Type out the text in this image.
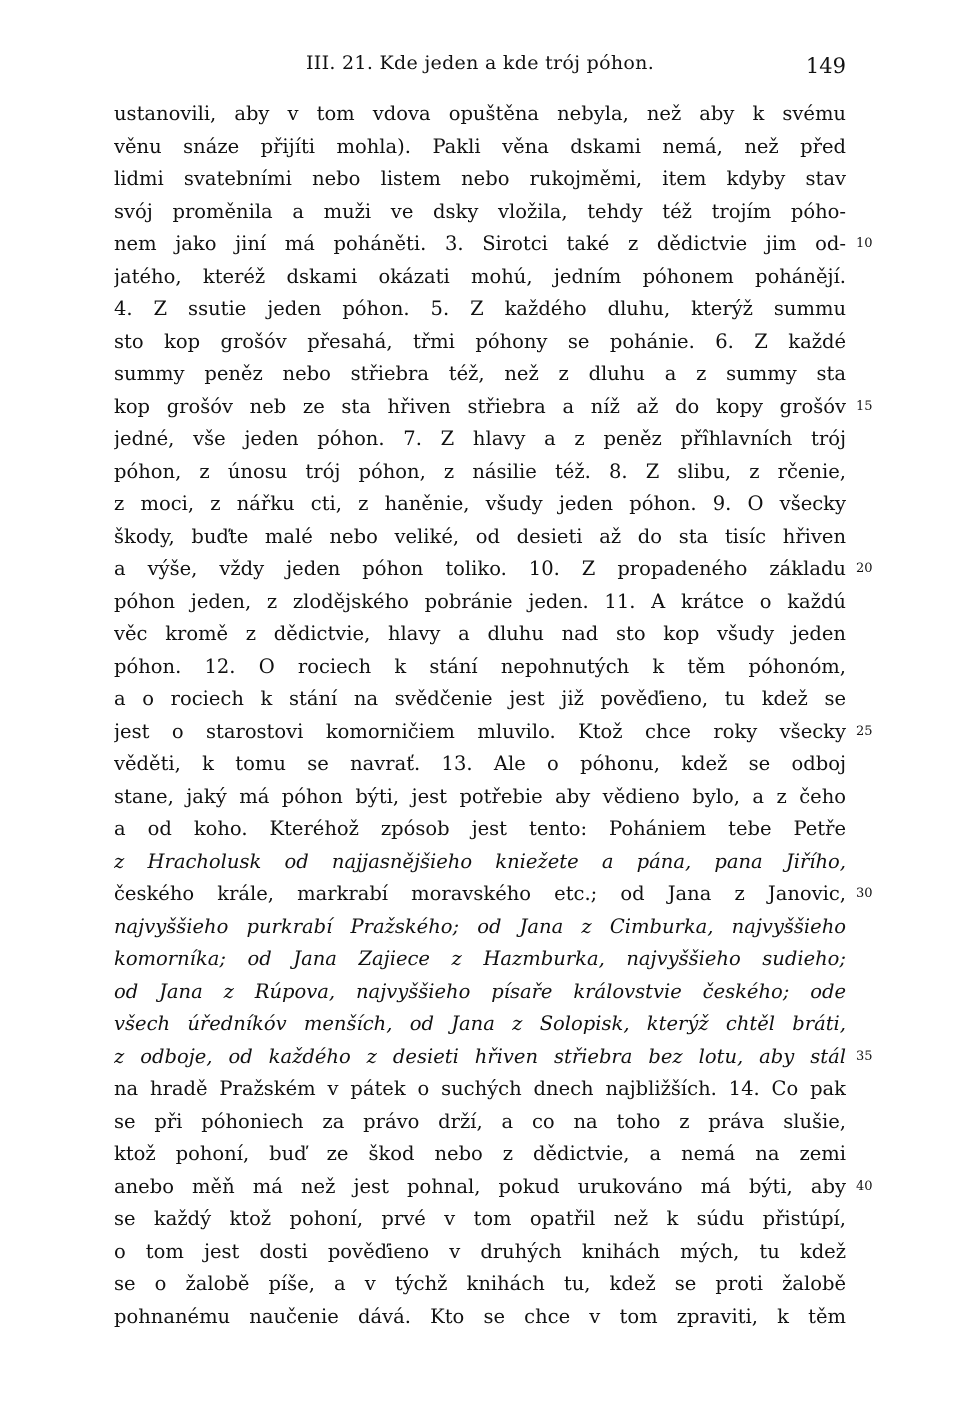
III. 21. Kde jeden a kde trój póhon.	149
ustanovili, aby v tom vdova opuštěna nebyla, než aby k svému
věnu snáze přijíti mohla). Pakli věna dskami nemá, než před
lidmi svatebními nebo listem nebo rukojměmi, item kdyby stav
svój proměnila a muži ve dsky vložila, tehdy též trojím póho-
nem jako jiní má poháněti. 3. Sirotci také z dědictvie jim od-
jatého, kteréž dskami okázati mohú, jedním póhonem pohánějí.
4. Z ssutie jeden póhon. 5. Z každého dluhu, kterýž summu
sto kop grošóv přesahá, třmi póhony se pohánie. 6. Z každé
summy peněz nebo střiebra též, než z dluhu a z summy sta
kop grošóv neb ze sta hřiven střiebra a níž až do kopy grošóv
jedné, vše jeden póhon. 7. Z hlavy a z peněz přîhlavních trój
póhon, z únosu trój póhon, z násilie též. 8. Z slibu, z rčenie,
z moci, z nářku cti, z haněnie, všudy jeden póhon. 9. O všecky
škody, buďte malé nebo veliké, od desieti až do sta tisíc hřiven
a výše, vždy jeden póhon toliko. 10. Z propadeného základu
póhon jeden, z zlodějského pobránie jeden. 11. A krátce o každú
věc kromě z dědictvie, hlavy a dluhu nad sto kop všudy jeden
póhon. 12. O rociech k stání nepohnutých k těm póhonóm,
a o rociech k stání na svědčenie jest již pověďieno, tu kdež se
jest o starostovi komorničiem mluvilo. Ktož chce roky všecky
věděti, k tomu se navrať. 13. Ale o póhonu, kdež se odboj
stane, jaký má póhon býti, jest potřebie aby vědieno bylo, a z čeho
a od koho. Kteréhož zpósob jest tento: Pohániem tebe Petře
z Hracholusk od najjasnějšieho kniežete a pána, pana Jiřího,
českého krále, markrabí moravského etc.; od Jana z Janovic,
najvyššieho purkrabí Pražského; od Jana z Cimburka, najvyššieho
komorníka; od Jana Zajiece z Hazmburka, najvyššieho sudieho;
od Jana z Rúpova, najvyššieho písaře královstvie českého; ode
všech úředníkóv menších, od Jana z Solopisk, kterýž chtěl bráti,
z odboje, od každého z desieti hřiven střiebra bez lotu, aby stál
na hradě Pražském v pátek o suchých dnech najbližších. 14. Co pak
se při póhoniech za právo drží, a co na toho z práva slušie,
ktož pohoní, buď ze škod nebo z dědictvie, a nemá na zemi
anebo měň má než jest pohnal, pokud urukováno má býti, aby
se každý ktož pohoní, prvé v tom opatřil než k súdu přistúpí,
o tom jest dosti pověďieno v druhých knihách mých, tu kdež
se o žalobě píše, a v týchž knihách tu, kdež se proti žalobě
pohnanému naučenie dává. Kto se chce v tom zpraviti, k těm
10
15
20
25
30
35
40
